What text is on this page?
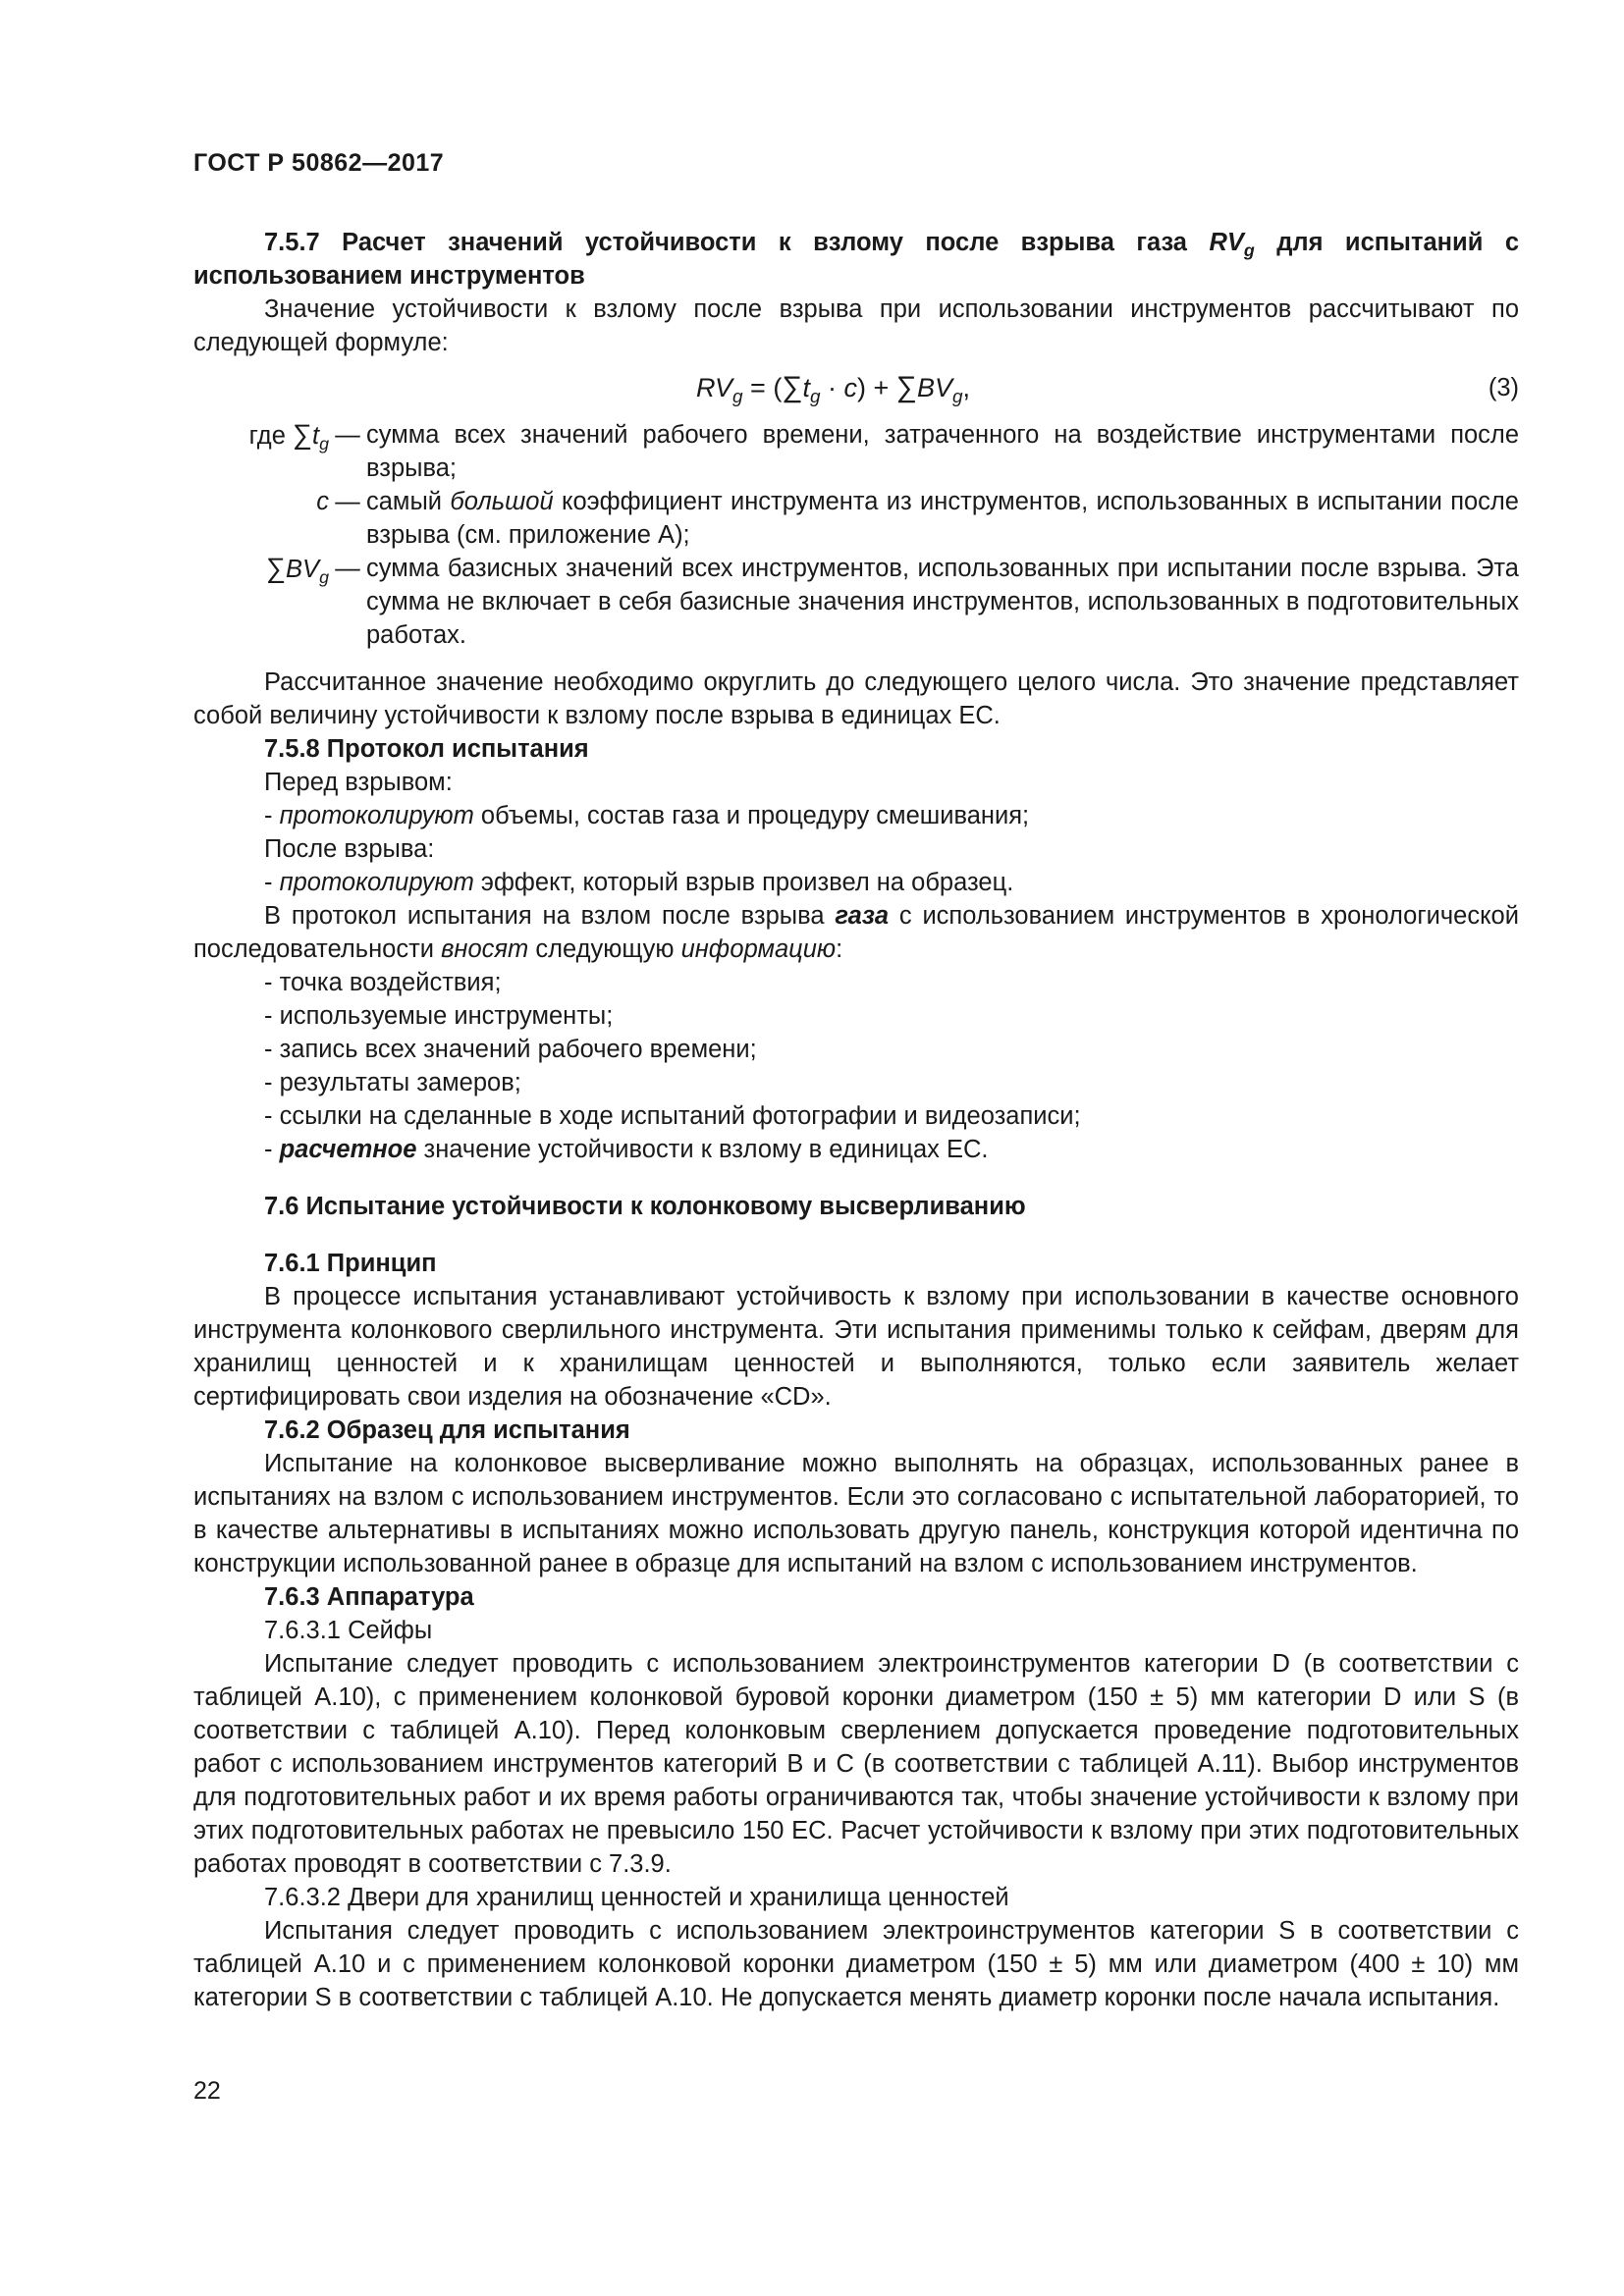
ГОСТ Р 50862—2017

7.5.7 Расчет значений устойчивости к взлому после взрыва газа $RV_g$ для испытаний с использованием инструментов

Значение устойчивости к взлому после взрыва при использовании инструментов рассчитывают по следующей формуле:

$RV_g = (\sum t_g \cdot c) + \sum BV_g$,	(3)
где $\sum t_g$ — сумма всех значений рабочего времени, затраченного на воздействие инструментами после взрыва;
c — самый большой коэффициент инструмента из инструментов, использованных в испытании после взрыва (см. приложение А);
$\sum BV_g$ — сумма базисных значений всех инструментов, использованных при испытании после взрыва. Эта сумма не включает в себя базисные значения инструментов, использованных в подготовительных работах.

Рассчитанное значение необходимо округлить до следующего целого числа. Это значение представляет собой величину устойчивости к взлому после взрыва в единицах ЕС.

7.5.8 Протокол испытания

Перед взрывом:

- протоколируют объемы, состав газа и процедуру смешивания;

После взрыва:

- протоколируют эффект, который взрыв произвел на образец.

В протокол испытания на взлом после взрыва газа с использованием инструментов в хронологической последовательности вносят следующую информацию:

- точка воздействия;

- используемые инструменты;

- запись всех значений рабочего времени;

- результаты замеров;

- ссылки на сделанные в ходе испытаний фотографии и видеозаписи;

- расчетное значение устойчивости к взлому в единицах ЕС.

7.6 Испытание устойчивости к колонковому высверливанию

7.6.1 Принцип

В процессе испытания устанавливают устойчивость к взлому при использовании в качестве основного инструмента колонкового сверлильного инструмента. Эти испытания применимы только к сейфам, дверям для хранилищ ценностей и к хранилищам ценностей и выполняются, только если заявитель желает сертифицировать свои изделия на обозначение «CD».

7.6.2 Образец для испытания

Испытание на колонковое высверливание можно выполнять на образцах, использованных ранее в испытаниях на взлом с использованием инструментов. Если это согласовано с испытательной лабораторией, то в качестве альтернативы в испытаниях можно использовать другую панель, конструкция которой идентична по конструкции использованной ранее в образце для испытаний на взлом с использованием инструментов.

7.6.3 Аппаратура

7.6.3.1 Сейфы

Испытание следует проводить с использованием электроинструментов категории D (в соответствии с таблицей А.10), с применением колонковой буровой коронки диаметром (150 ± 5) мм категории D или S (в соответствии с таблицей А.10). Перед колонковым сверлением допускается проведение подготовительных работ с использованием инструментов категорий В и С (в соответствии с таблицей А.11). Выбор инструментов для подготовительных работ и их время работы ограничиваются так, чтобы значение устойчивости к взлому при этих подготовительных работах не превысило 150 ЕС. Расчет устойчивости к взлому при этих подготовительных работах проводят в соответствии с 7.3.9.

7.6.3.2 Двери для хранилищ ценностей и хранилища ценностей

Испытания следует проводить с использованием электроинструментов категории S в соответствии с таблицей А.10 и с применением колонковой коронки диаметром (150 ± 5) мм или диаметром (400 ± 10) мм категории S в соответствии с таблицей А.10. Не допускается менять диаметр коронки после начала испытания.

22
